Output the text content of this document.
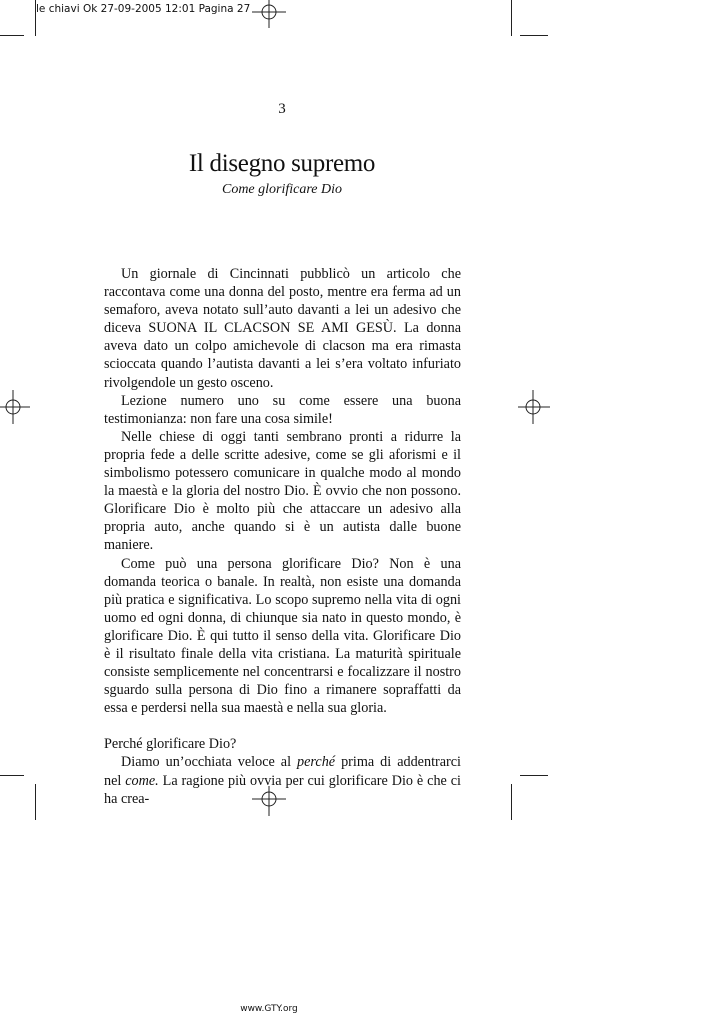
le chiavi Ok 27-09-2005 12:01 Pagina 27
3
Il disegno supremo
Come glorificare Dio

Un giornale di Cincinnati pubblicò un articolo che raccontava come una donna del posto, mentre era ferma ad un semaforo, aveva notato sull’auto davanti a lei un adesivo che diceva SUONA IL CLACSON SE AMI GESÙ. La donna aveva dato un colpo amichevole di clacson ma era rimasta scioccata quando l’autista davanti a lei s’era voltato infuriato rivolgendole un gesto osceno.

Lezione numero uno su come essere una buona testimonianza: non fare una cosa simile!

Nelle chiese di oggi tanti sembrano pronti a ridurre la propria fede a delle scritte adesive, come se gli aforismi e il simbolismo potessero comunicare in qualche modo al mondo la maestà e la gloria del nostro Dio. È ovvio che non possono. Glorificare Dio è molto più che attaccare un adesivo alla propria auto, anche quando si è un autista dalle buone maniere.

Come può una persona glorificare Dio? Non è una domanda teorica o banale. In realtà, non esiste una domanda più pratica e significativa. Lo scopo supremo nella vita di ogni uomo ed ogni donna, di chiunque sia nato in questo mondo, è glorificare Dio. È qui tutto il senso della vita. Glorificare Dio è il risultato finale della vita cristiana. La maturità spirituale consiste semplicemente nel concentrarsi e focalizzare il nostro sguardo sulla persona di Dio fino a rimanere sopraffatti da essa e perdersi nella sua maestà e nella sua gloria.

Perché glorificare Dio?

Diamo un’occhiata veloce al perché prima di addentrarci nel come. La ragione più ovvia per cui glorificare Dio è che ci ha crea-

www.GTY.org
